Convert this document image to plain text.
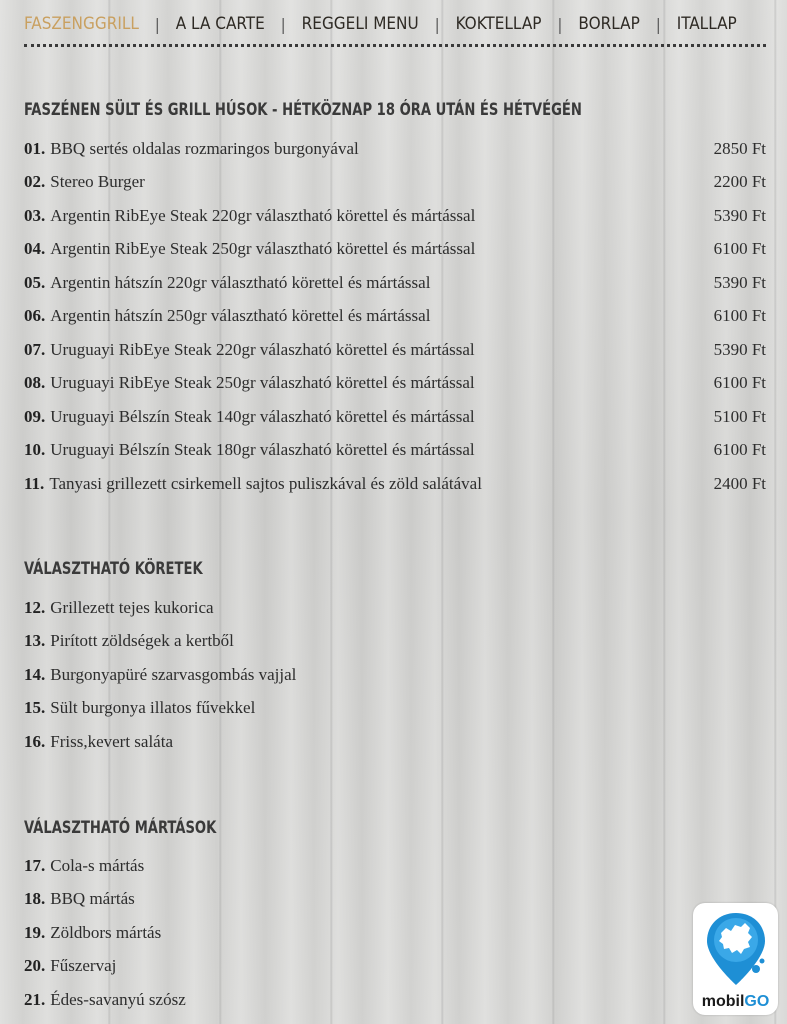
FASZENGGRILL | A LA CARTE | REGGELI MENU | KOKTELLAP | BORLAP | ITALLAP
FASZÉNEN SÜLT ÉS GRILL HÚSOK - HÉTKÖZNAP 18 ÓRA UTÁN ÉS HÉTVÉGÉN
01. BBQ sertés oldalas rozmaringos burgonyával	2850 Ft
02. Stereo Burger	2200 Ft
03. Argentin RibEye Steak 220gr választható körettel és mártással	5390 Ft
04. Argentin RibEye Steak 250gr választható körettel és mártással	6100 Ft
05. Argentin hátszín 220gr választható körettel és mártással	5390 Ft
06. Argentin hátszín 250gr választható körettel és mártással	6100 Ft
07. Uruguayi RibEye Steak 220gr válaszható körettel és mártással	5390 Ft
08. Uruguayi RibEye Steak 250gr válaszható körettel és mártással	6100 Ft
09. Uruguayi Bélszín Steak 140gr válaszható körettel és mártással	5100 Ft
10. Uruguayi Bélszín Steak 180gr válaszható körettel és mártással	6100 Ft
11. Tanyasi grillezett csirkemell sajtos puliszkával és zöld salátával	2400 Ft
VÁLASZTHATÓ KÖRETEK
12. Grillezett tejes kukorica
13. Pirított zöldségek a kertből
14. Burgonyapüré szarvasgombás vajjal
15. Sült burgonya illatos fűvekkel
16. Friss,kevert saláta
VÁLASZTHATÓ MÁRTÁSOK
17. Cola-s mártás
18. BBQ mártás
19. Zöldbors mártás
20. Fűszervaj
21. Édes-savanyú szósz	mobilGO
